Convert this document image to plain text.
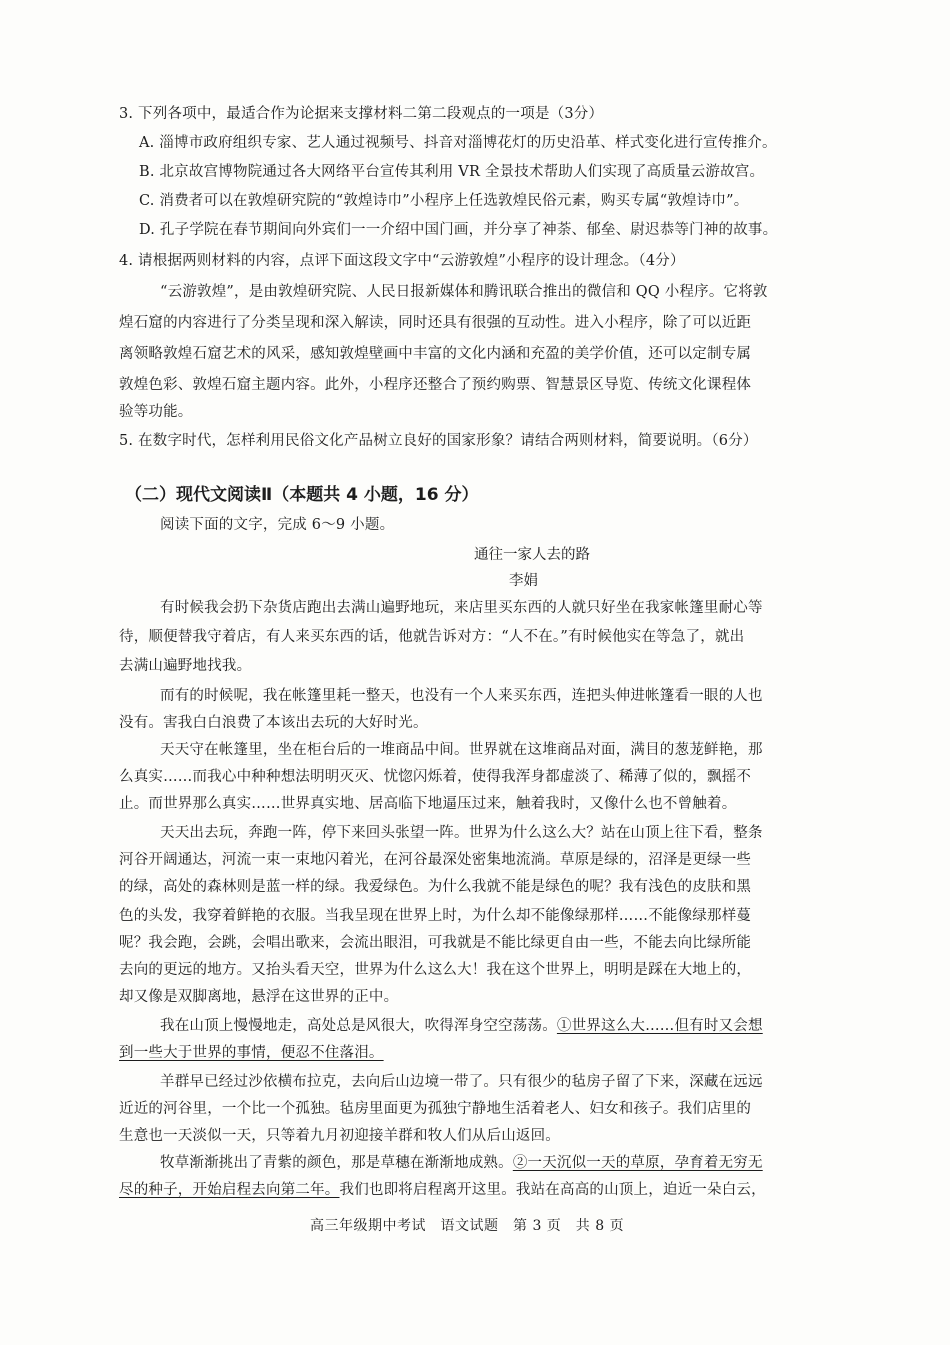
3. 下列各项中，最适合作为论据来支撑材料二第二段观点的一项是（3分）
A. 淄博市政府组织专家、艺人通过视频号、抖音对淄博花灯的历史沿革、样式变化进行宣传推介。
B. 北京故宫博物院通过各大网络平台宣传其利用 VR 全景技术帮助人们实现了高质量云游故宫。
C. 消费者可以在敦煌研究院的“敦煌诗巾”小程序上任选敦煌民俗元素，购买专属“敦煌诗巾”。
D. 孔子学院在春节期间向外宾们一一介绍中国门画，并分享了神荼、郁垒、尉迟恭等门神的故事。
4. 请根据两则材料的内容，点评下面这段文字中“云游敦煌”小程序的设计理念。（4分）
“云游敦煌”，是由敦煌研究院、人民日报新媒体和腾讯联合推出的微信和 QQ 小程序。它将敦
煌石窟的内容进行了分类呈现和深入解读，同时还具有很强的互动性。进入小程序，除了可以近距
离领略敦煌石窟艺术的风采，感知敦煌壁画中丰富的文化内涵和充盈的美学价值，还可以定制专属
敦煌色彩、敦煌石窟主题内容。此外，小程序还整合了预约购票、智慧景区导览、传统文化课程体
验等功能。
5. 在数字时代，怎样利用民俗文化产品树立良好的国家形象？请结合两则材料，简要说明。（6分）
（二）现代文阅读Ⅱ（本题共 4 小题，16 分）
阅读下面的文字，完成 6～9 小题。
通往一家人去的路
李娟
有时候我会扔下杂货店跑出去满山遍野地玩，来店里买东西的人就只好坐在我家帐篷里耐心等
待，顺便替我守着店，有人来买东西的话，他就告诉对方：“人不在。”有时候他实在等急了，就出
去满山遍野地找我。
而有的时候呢，我在帐篷里耗一整天，也没有一个人来买东西，连把头伸进帐篷看一眼的人也
没有。害我白白浪费了本该出去玩的大好时光。
天天守在帐篷里，坐在柜台后的一堆商品中间。世界就在这堆商品对面，满目的葱茏鲜艳，那
么真实……而我心中种种想法明明灭灭、忧惚闪烁着，使得我浑身都虚淡了、稀薄了似的，飘摇不
止。而世界那么真实……世界真实地、居高临下地逼压过来，触着我时，又像什么也不曾触着。
天天出去玩，奔跑一阵，停下来回头张望一阵。世界为什么这么大？站在山顶上往下看，整条
河谷开阔通达，河流一束一束地闪着光，在河谷最深处密集地流淌。草原是绿的，沼泽是更绿一些
的绿，高处的森林则是蓝一样的绿。我爱绿色。为什么我就不能是绿色的呢？我有浅色的皮肤和黑
色的头发，我穿着鲜艳的衣服。当我呈现在世界上时，为什么却不能像绿那样……不能像绿那样蔓
呢？我会跑，会跳，会唱出歌来，会流出眼泪，可我就是不能比绿更自由一些，不能去向比绿所能
去向的更远的地方。又抬头看天空，世界为什么这么大！我在这个世界上，明明是踩在大地上的，
却又像是双脚离地，悬浮在这世界的正中。
我在山顶上慢慢地走，高处总是风很大，吹得浑身空空荡荡。①世界这么大……但有时又会想
到一些大于世界的事情，便忍不住落泪。
羊群早已经过沙依横布拉克，去向后山边境一带了。只有很少的毡房子留了下来，深藏在远远
近近的河谷里，一个比一个孤独。毡房里面更为孤独宁静地生活着老人、妇女和孩子。我们店里的
生意也一天淡似一天，只等着九月初迎接羊群和牧人们从后山返回。
牧草渐渐挑出了青紫的颜色，那是草穗在渐渐地成熟。②一天沉似一天的草原，孕育着无穷无
尽的种子，开始启程去向第二年。我们也即将启程离开这里。我站在高高的山顶上，迫近一朵白云，
高三年级期中考试　语文试题　第 3 页　共 8 页
